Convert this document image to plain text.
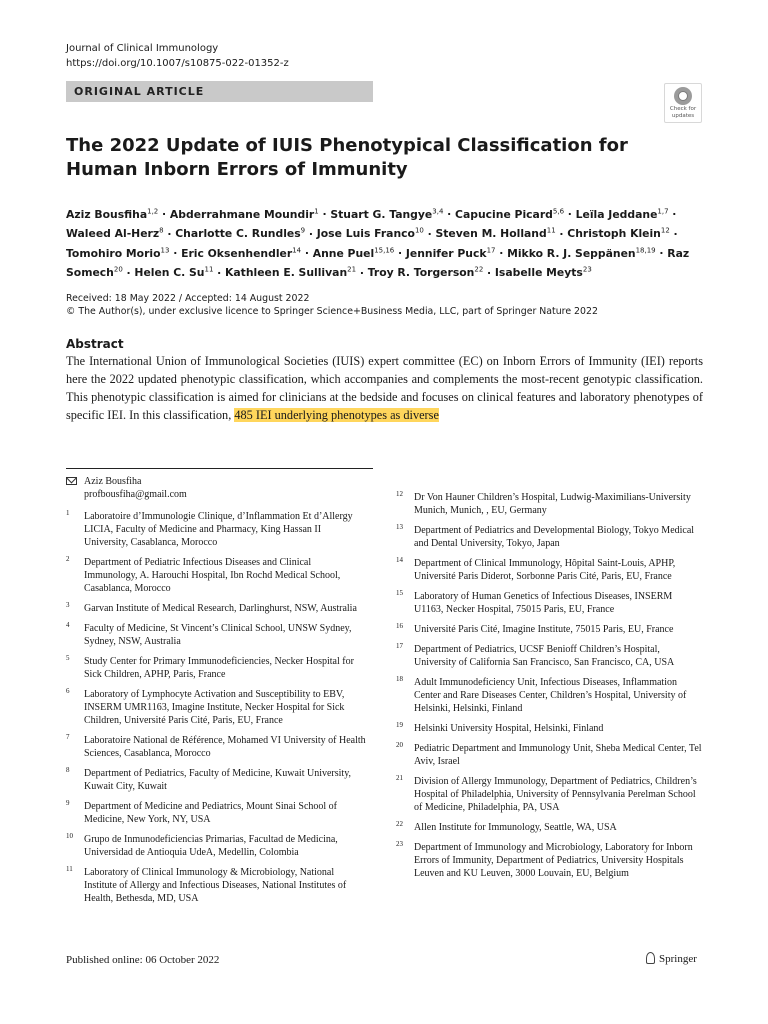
Journal of Clinical Immunology
https://doi.org/10.1007/s10875-022-01352-z
ORIGINAL ARTICLE
Check for
updates
The 2022 Update of IUIS Phenotypical Classification for Human Inborn Errors of Immunity
Aziz Bousfiha$^{1,2}$ · Abderrahmane Moundir$^1$ · Stuart G. Tangye$^{3,4}$ · Capucine Picard$^{5,6}$ · Leïla Jeddane$^{1,7}$ · Waleed Al-Herz$^8$ · Charlotte C. Rundles$^9$ · Jose Luis Franco$^{10}$ · Steven M. Holland$^{11}$ · Christoph Klein$^{12}$ · Tomohiro Morio$^{13}$ · Eric Oksenhendler$^{14}$ · Anne Puel$^{15,16}$ · Jennifer Puck$^{17}$ · Mikko R. J. Seppänen$^{18,19}$ · Raz Somech$^{20}$ · Helen C. $Su^{11}$ · Kathleen E. Sullivan$^{21}$ · Troy R. Torgerson$^{22}$ · Isabelle Meyts$^{23}$
Received: 18 May 2022 / Accepted: 14 August 2022
© The Author(s), under exclusive licence to Springer Science+Business Media, LLC, part of Springer Nature 2022
Abstract
The International Union of Immunological Societies (IUIS) expert committee (EC) on Inborn Errors of Immunity (IEI) reports here the 2022 updated phenotypic classification, which accompanies and complements the most-recent genotypic classification. This phenotypic classification is aimed for clinicians at the bedside and focuses on clinical features and laboratory phenotypes of specific IEI. In this classification, 485 IEI underlying phenotypes as diverse
Aziz Bousfiha
profbousfiha@gmail.com
1 Laboratoire d’Immunologie Clinique, d’Inflammation Et d’Allergy LICIA, Faculty of Medicine and Pharmacy, King Hassan II University, Casablanca, Morocco
2 Department of Pediatric Infectious Diseases and Clinical Immunology, A. Harouchi Hospital, Ibn Rochd Medical School, Casablanca, Morocco
3 Garvan Institute of Medical Research, Darlinghurst, NSW, Australia
4 Faculty of Medicine, St Vincent’s Clinical School, UNSW Sydney, Sydney, NSW, Australia
5 Study Center for Primary Immunodeficiencies, Necker Hospital for Sick Children, APHP, Paris, France
6 Laboratory of Lymphocyte Activation and Susceptibility to EBV, INSERM UMR1163, Imagine Institute, Necker Hospital for Sick Children, Université Paris Cité, Paris, EU, France
7 Laboratoire National de Référence, Mohamed VI University of Health Sciences, Casablanca, Morocco
8 Department of Pediatrics, Faculty of Medicine, Kuwait University, Kuwait City, Kuwait
9 Department of Medicine and Pediatrics, Mount Sinai School of Medicine, New York, NY, USA
10 Grupo de Inmunodeficiencias Primarias, Facultad de Medicina, Universidad de Antioquia UdeA, Medellin, Colombia
11 Laboratory of Clinical Immunology & Microbiology, National Institute of Allergy and Infectious Diseases, National Institutes of Health, Bethesda, MD, USA
12 Dr Von Hauner Children’s Hospital, Ludwig-Maximilians-University Munich, Munich, , EU, Germany
13 Department of Pediatrics and Developmental Biology, Tokyo Medical and Dental University, Tokyo, Japan
14 Department of Clinical Immunology, Hôpital Saint-Louis, APHP, Université Paris Diderot, Sorbonne Paris Cité, Paris, EU, France
15 Laboratory of Human Genetics of Infectious Diseases, INSERM U1163, Necker Hospital, 75015 Paris, EU, France
16 Université Paris Cité, Imagine Institute, 75015 Paris, EU, France
17 Department of Pediatrics, UCSF Benioff Children’s Hospital, University of California San Francisco, San Francisco, CA, USA
18 Adult Immunodeficiency Unit, Infectious Diseases, Inflammation Center and Rare Diseases Center, Children’s Hospital, University of Helsinki, Helsinki, Finland
19 Helsinki University Hospital, Helsinki, Finland
20 Pediatric Department and Immunology Unit, Sheba Medical Center, Tel Aviv, Israel
21 Division of Allergy Immunology, Department of Pediatrics, Children’s Hospital of Philadelphia, University of Pennsylvania Perelman School of Medicine, Philadelphia, PA, USA
22 Allen Institute for Immunology, Seattle, WA, USA
23 Department of Immunology and Microbiology, Laboratory for Inborn Errors of Immunity, Department of Pediatrics, University Hospitals Leuven and KU Leuven, 3000 Louvain, EU, Belgium
Published online: 06 October 2022	Springer
